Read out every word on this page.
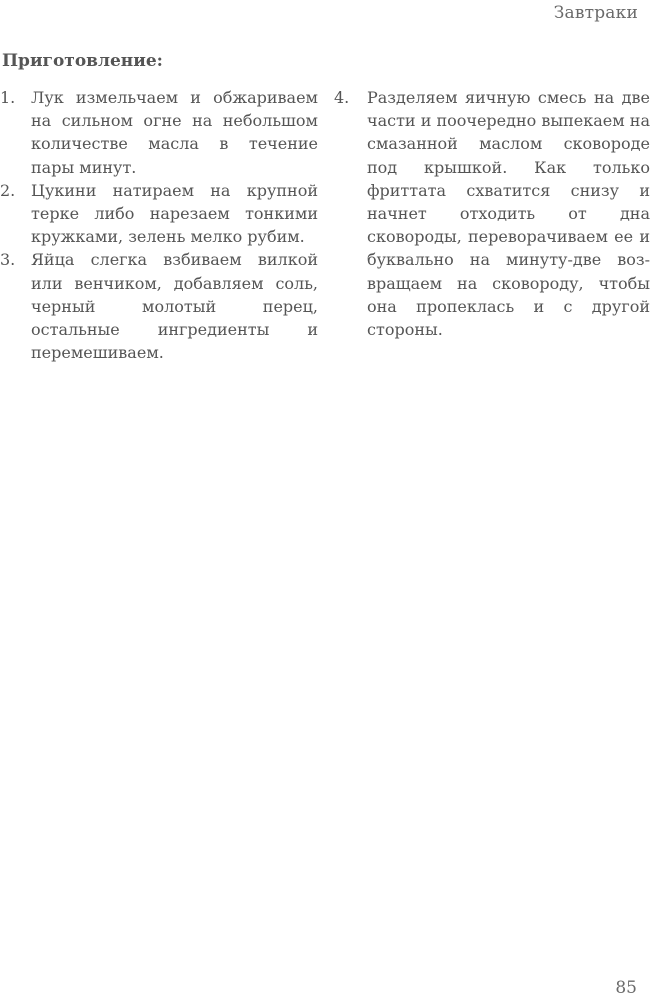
Завтраки
Приготовление:
1. Лук измельчаем и обжариваем на сильном огне на небольшом количестве масла в течение пары минут.
2. Цукини натираем на крупной терке либо нарезаем тонкими кружками, зелень мелко рубим.
3. Яйца слегка взбиваем вилкой или венчиком, добавляем соль, черный молотый перец, остальные ингредиенты и перемешиваем.
4. Разделяем яичную смесь на две части и поочередно выпекаем на смазанной маслом сковороде под крышкой. Как только фриттата схватится снизу и начнет отходить от дна сковороды, переворачиваем ее и буквально на минуту-две возвращаем на сковороду, чтобы она пропеклась и с другой стороны.
85
